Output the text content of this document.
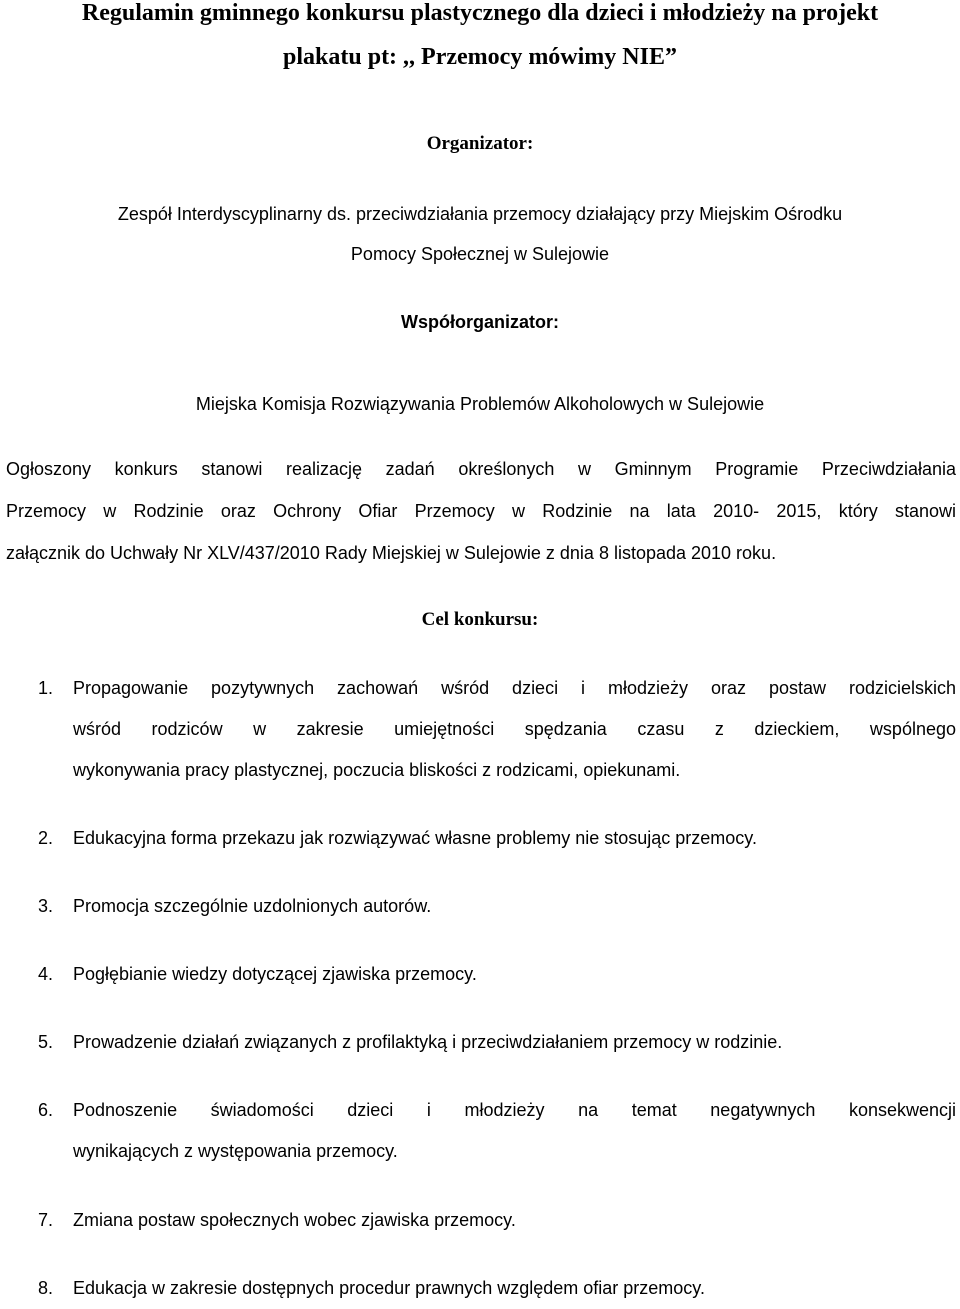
Regulamin gminnego konkursu plastycznego dla dzieci i młodzieży na projekt
plakatu pt: ,, Przemocy mówimy NIE”

Organizator:

Zespół Interdyscyplinarny ds. przeciwdziałania przemocy działający przy Miejskim Ośrodku

Pomocy Społecznej w Sulejowie

Współorganizator:

Miejska Komisja Rozwiązywania Problemów Alkoholowych w Sulejowie

Ogłoszony konkurs stanowi realizację zadań określonych w Gminnym Programie Przeciwdziałania
Przemocy w Rodzinie oraz Ochrony Ofiar Przemocy w Rodzinie na lata 2010- 2015, który stanowi
załącznik do Uchwały Nr XLV/437/2010 Rady Miejskiej w Sulejowie z dnia 8 listopada 2010 roku.

Cel konkursu:

1.	Propagowanie pozytywnych zachowań wśród dzieci i młodzieży oraz postaw rodzicielskich
wśród rodziców w zakresie umiejętności spędzania czasu z dzieckiem, wspólnego
wykonywania pracy plastycznej, poczucia bliskości z rodzicami, opiekunami.
2.	Edukacyjna forma przekazu jak rozwiązywać własne problemy nie stosując przemocy.
3.	Promocja szczególnie uzdolnionych autorów.
4.	Pogłębianie wiedzy dotyczącej zjawiska przemocy.
5.	Prowadzenie działań związanych z profilaktyką i przeciwdziałaniem przemocy w rodzinie.
6.	Podnoszenie świadomości dzieci i młodzieży na temat negatywnych konsekwencji
wynikających z występowania przemocy.
7.	Zmiana postaw społecznych wobec zjawiska przemocy.
8.	Edukacja w zakresie dostępnych procedur prawnych względem ofiar przemocy.
